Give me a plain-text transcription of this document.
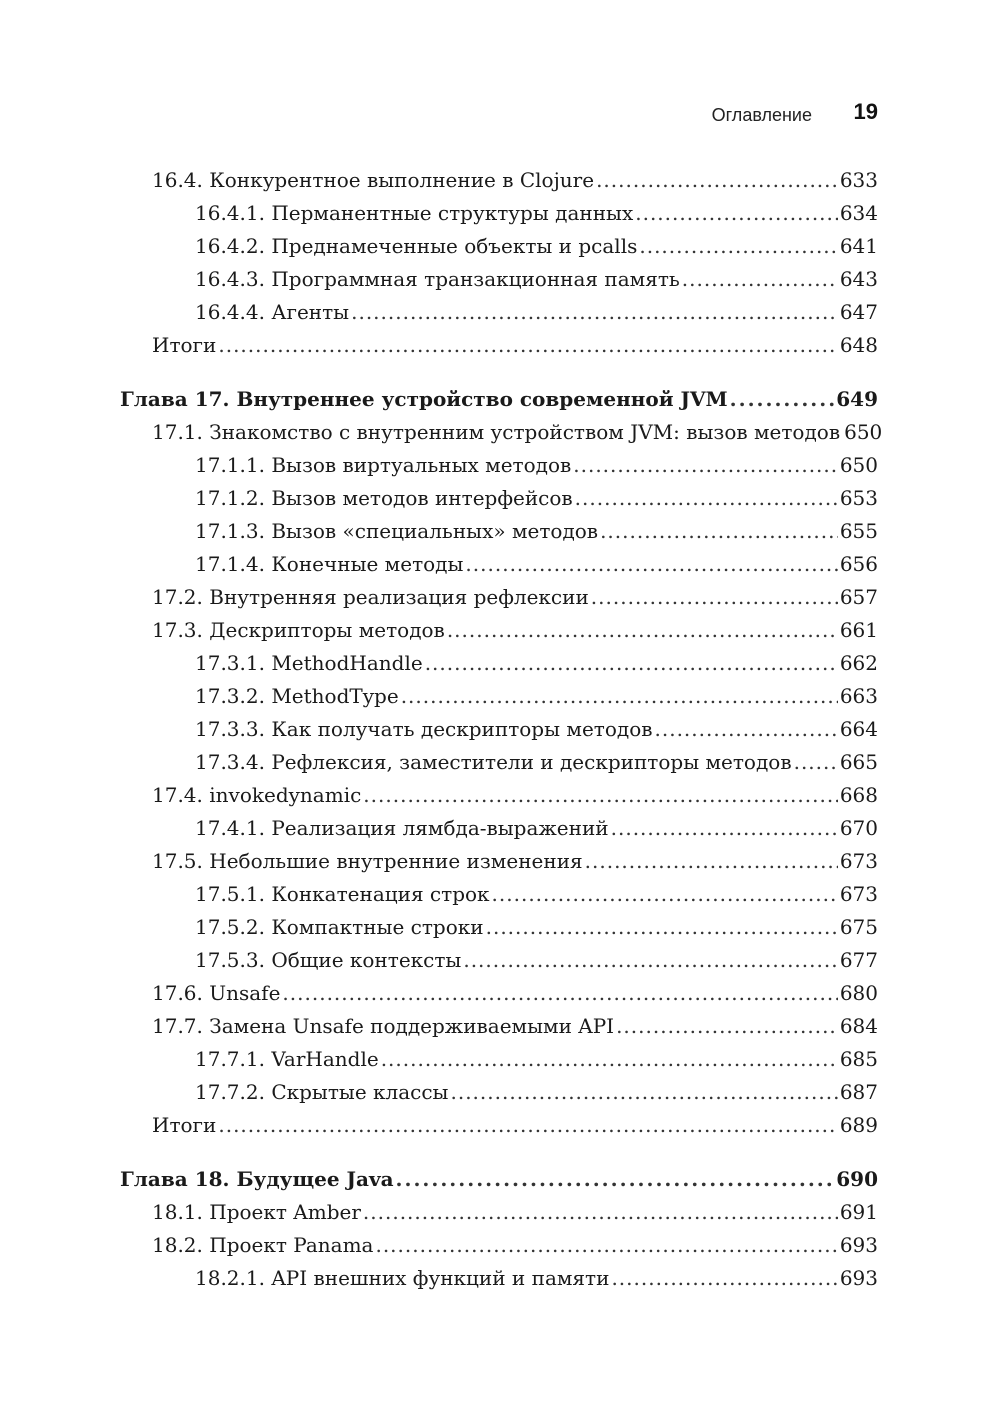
Оглавление 19
16.4. Конкурентное выполнение в Clojure .....	633
16.4.1. Перманентные структуры данных .....	634
16.4.2. Преднамеченные объекты и pcalls .....	641
16.4.3. Программная транзакционная память .....	643
16.4.4. Агенты .....	647
Итоги .....	648
Глава 17. Внутреннее устройство современной JVM .....	649
17.1. Знакомство с внутренним устройством JVM: вызов методов 650
17.1.1. Вызов виртуальных методов .....	650
17.1.2. Вызов методов интерфейсов .....	653
17.1.3. Вызов «специальных» методов .....	655
17.1.4. Конечные методы .....	656
17.2. Внутренняя реализация рефлексии .....	657
17.3. Дескрипторы методов .....	661
17.3.1. MethodHandle .....	662
17.3.2. MethodType .....	663
17.3.3. Как получать дескрипторы методов .....	664
17.3.4. Рефлексия, заместители и дескрипторы методов ..... 665
17.4. invokedynamic .....	668
17.4.1. Реализация лямбда-выражений .....	670
17.5. Небольшие внутренние изменения .....	673
17.5.1. Конкатенация строк .....	673
17.5.2. Компактные строки .....	675
17.5.3. Общие контексты .....	677
17.6. Unsafe .....	680
17.7. Замена Unsafe поддерживаемыми API .....	684
17.7.1. VarHandle .....	685
17.7.2. Скрытые классы .....	687
Итоги .....	689
Глава 18. Будущее Java .....	690
18.1. Проект Amber .....	691
18.2. Проект Panama .....	693
18.2.1. API внешних функций и памяти .....	693
